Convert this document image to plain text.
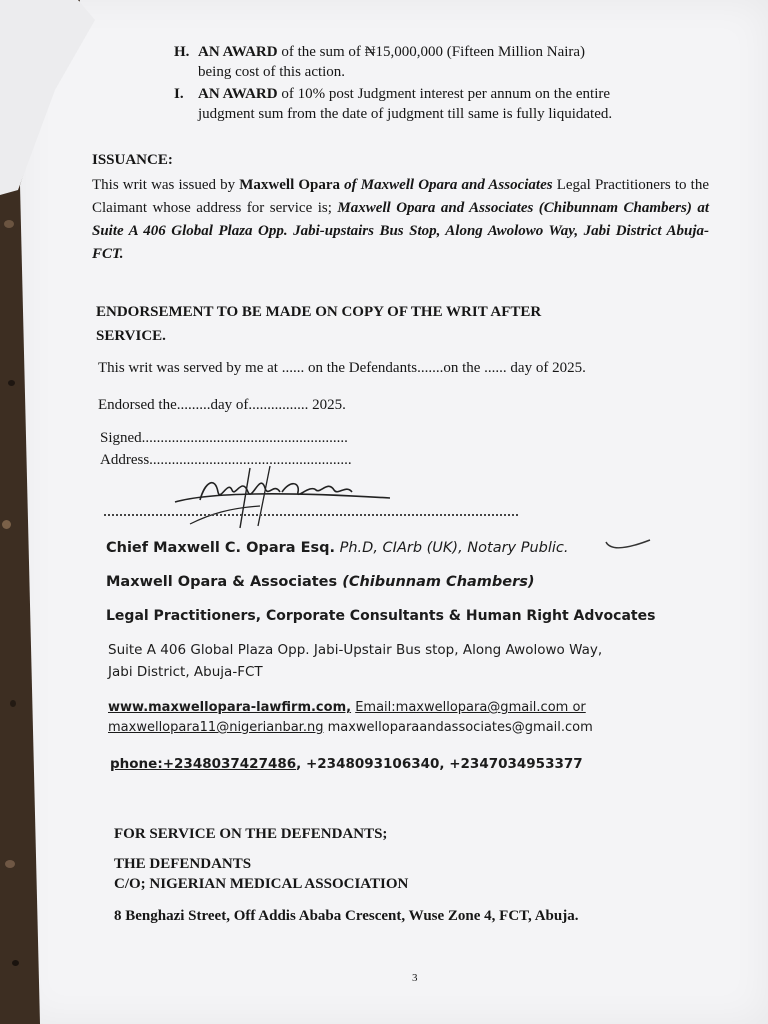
H. AN AWARD of the sum of ₦15,000,000 (Fifteen Million Naira)
being cost of this action.
I. AN AWARD of 10% post Judgment interest per annum on the entire
judgment sum from the date of judgment till same is fully liquidated.
ISSUANCE:
This writ was issued by Maxwell Opara of Maxwell Opara and Associates Legal Practitioners to the Claimant whose address for service is; Maxwell Opara and Associates (Chibunnam Chambers) at Suite A 406 Global Plaza Opp. Jabi-upstairs Bus Stop, Along Awolowo Way, Jabi District Abuja-FCT.
ENDORSEMENT TO BE MADE ON COPY OF THE WRIT AFTER
SERVICE.
This writ was served by me at ...... on the Defendants.......on the ...... day of 2025.
Endorsed the.........day of................ 2025.
Signed.......................................................
Address......................................................
Chief Maxwell C. Opara Esq. Ph.D, CIArb (UK), Notary Public.
Maxwell Opara & Associates (Chibunnam Chambers)
Legal Practitioners, Corporate Consultants & Human Right Advocates
Suite A 406 Global Plaza Opp. Jabi-Upstair Bus stop, Along Awolowo Way,
Jabi District, Abuja-FCT
www.maxwellopara-lawfirm.com, Email:maxwellopara@gmail.com or
maxwellopara11@nigerianbar.ng maxwelloparaandassociates@gmail.com
phone:+2348037427486, +2348093106340, +2347034953377
FOR SERVICE ON THE DEFENDANTS;
THE DEFENDANTS
C/O; NIGERIAN MEDICAL ASSOCIATION
8 Benghazi Street, Off Addis Ababa Crescent, Wuse Zone 4, FCT, Abuja.
3
